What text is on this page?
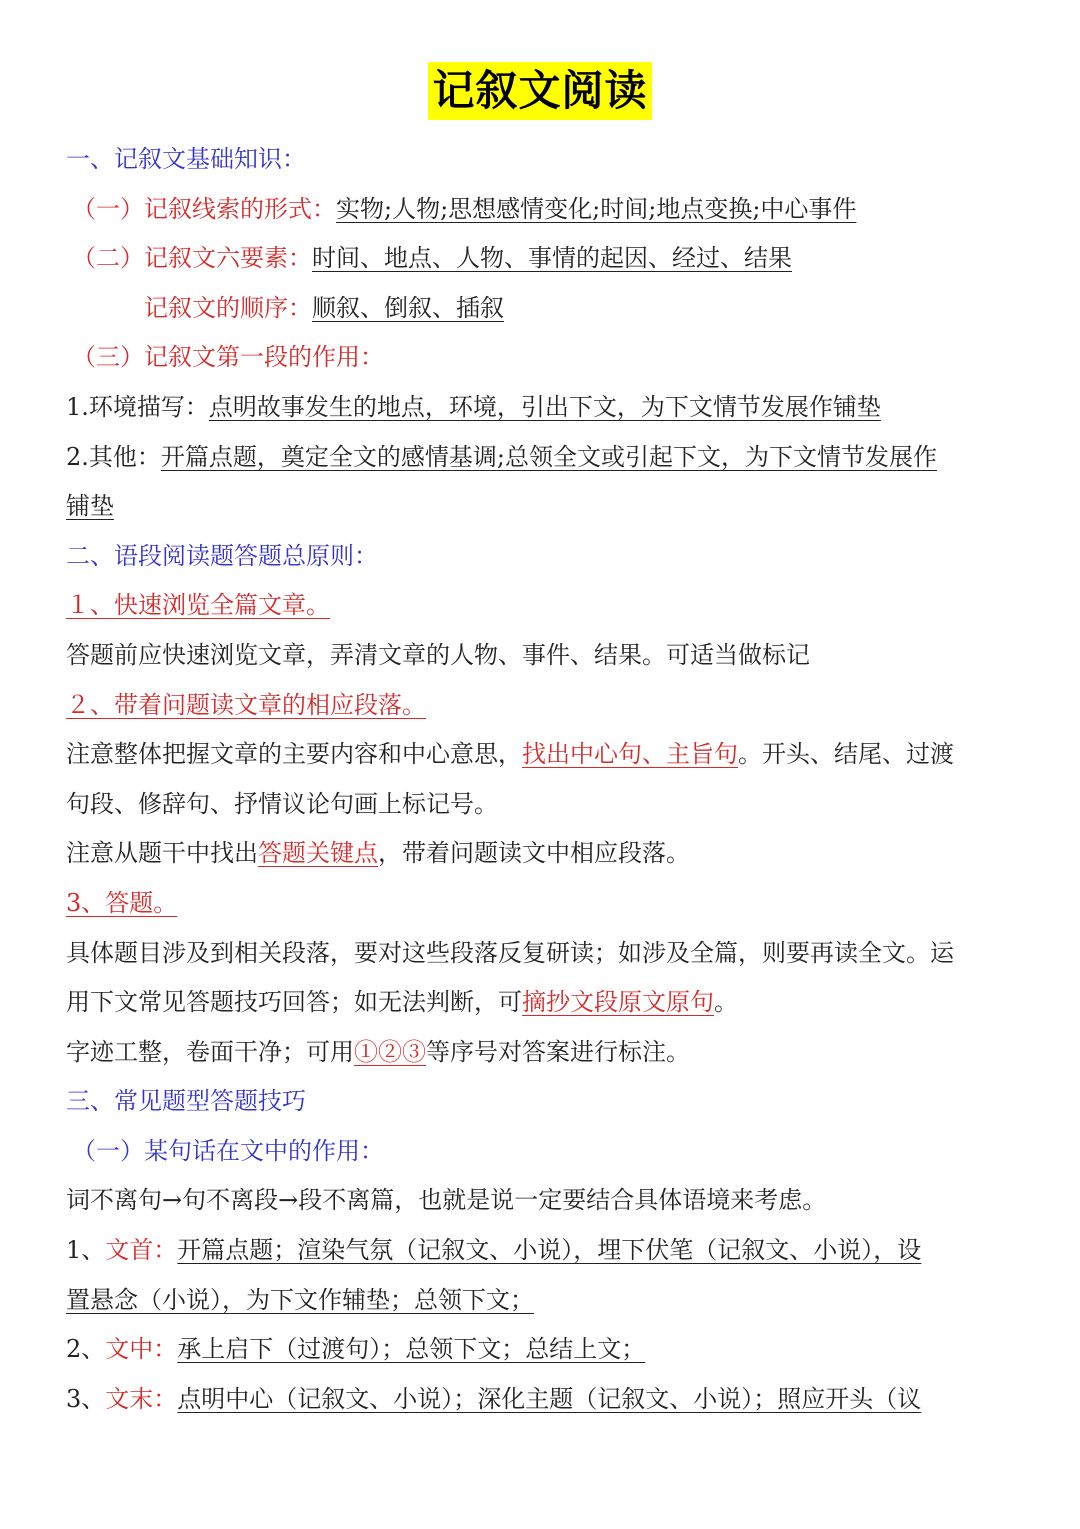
记叙文阅读
一、记叙文基础知识：
（一）记叙线索的形式：实物;人物;思想感情变化;时间;地点变换;中心事件
（二）记叙文六要素：时间、地点、人物、事情的起因、经过、结果
记叙文的顺序：顺叙、倒叙、插叙
（三）记叙文第一段的作用：
1.环境描写：点明故事发生的地点，环境，引出下文，为下文情节发展作铺垫
2.其他：开篇点题，奠定全文的感情基调;总领全文或引起下文，为下文情节发展作
铺垫
二、语段阅读题答题总原则：
１、快速浏览全篇文章。
答题前应快速浏览文章，弄清文章的人物、事件、结果。可适当做标记
２、带着问题读文章的相应段落。
注意整体把握文章的主要内容和中心意思，找出中心句、主旨句。开头、结尾、过渡
句段、修辞句、抒情议论句画上标记号。
注意从题干中找出答题关键点，带着问题读文中相应段落。
3、答题。
具体题目涉及到相关段落，要对这些段落反复研读；如涉及全篇，则要再读全文。运
用下文常见答题技巧回答；如无法判断，可摘抄文段原文原句。
字迹工整，卷面干净；可用①②③等序号对答案进行标注。
三、常见题型答题技巧
（一）某句话在文中的作用：
词不离句→句不离段→段不离篇，也就是说一定要结合具体语境来考虑。
1、文首：开篇点题；渲染气氛（记叙文、小说），埋下伏笔（记叙文、小说），设
置悬念（小说），为下文作辅垫；总领下文；
2、文中：承上启下（过渡句）；总领下文；总结上文；
3、文末：点明中心（记叙文、小说）；深化主题（记叙文、小说）；照应开头（议
